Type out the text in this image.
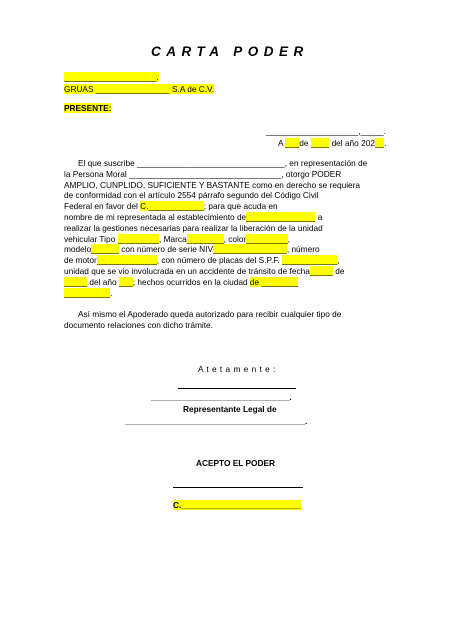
CARTA PODER
____________________.
GRUAS ________________ S.A de C.V.
PRESENTE:
____________________,_____.
A ___de ____ del año 202__.
El que suscribe ________________________________, en representación de
la Persona Moral _________________________________, otorgo PODER
AMPLIO, CUNPLIDO, SUFICIENTE Y BASTANTE como en derecho se requiera
de conformidad con el artículo 2554 párrafo segundo del Código Civil
Federal en favor del C.____________; para que acuda en
nombre de mi representada al establecimiento de_______________ a
realizar la gestiones necesarias para realizar la liberación de la unidad
vehicular Tipo _________, Marca________, color_________,
modelo______ con número de serie NIV________________, número
de motor_____________, con número de placas del S.P.F. ____________,
unidad que se vio involucrada en un accidente de tránsito de fecha_____ de
_____ del año ___; hechos ocurridos en la ciudad de ________
__________.
Así mismo el Apoderado queda autorizado para recibir cualquier tipo de
documento relaciones con dicho trámite.
A t e t a m e n t e :
______________________________.
Representante Legal de
_______________________________________.
ACEPTO EL PODER
C.__________________________
